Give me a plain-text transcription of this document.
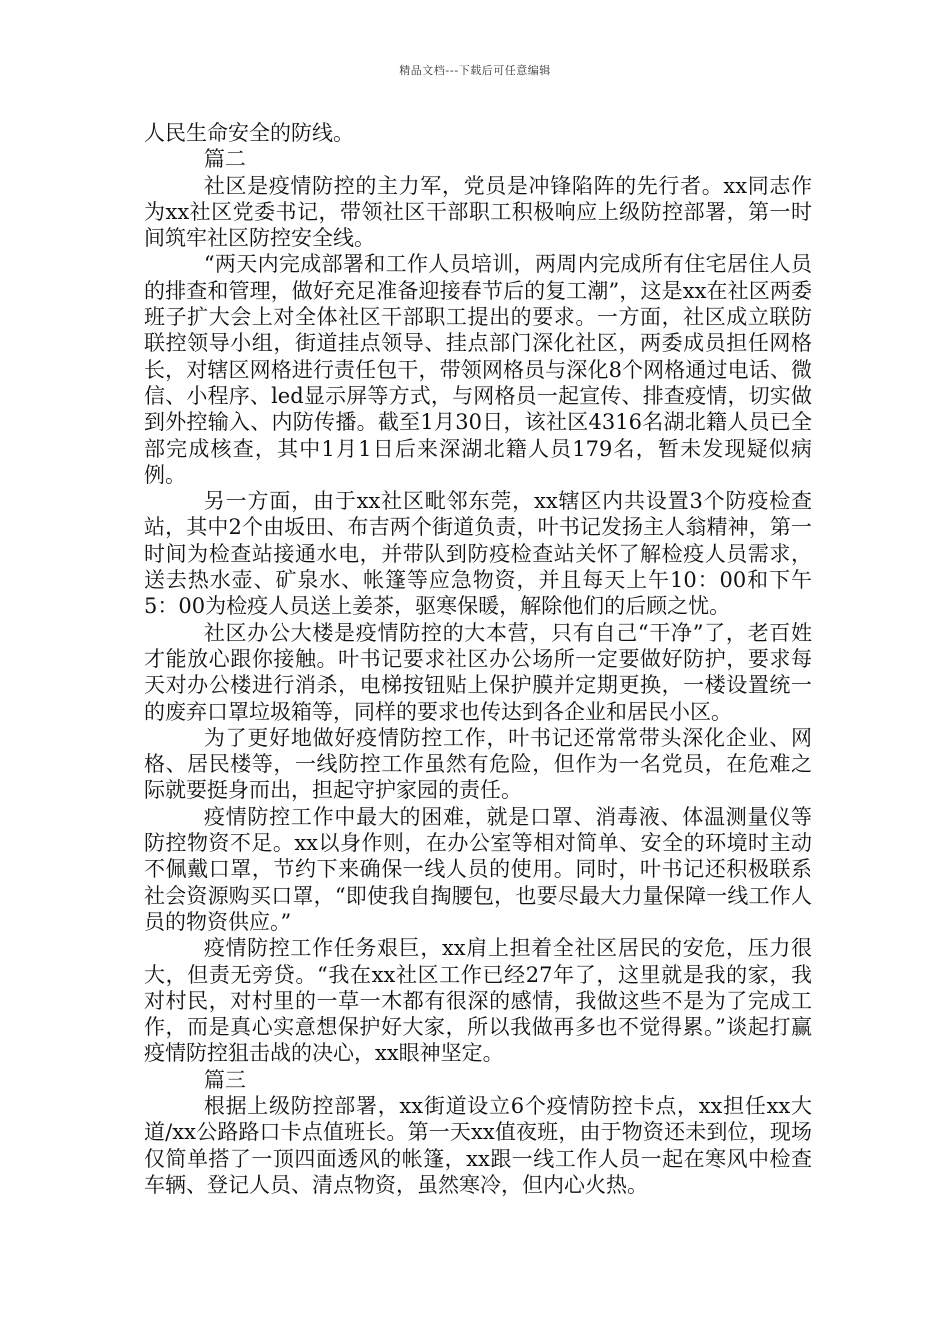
精品文档---下载后可任意编辑

人民生命安全的防线。

篇二

社区是疫情防控的主力军，党员是冲锋陷阵的先行者。xx同志作为xx社区党委书记，带领社区干部职工积极响应上级防控部署，第一时间筑牢社区防控安全线。

“两天内完成部署和工作人员培训，两周内完成所有住宅居住人员的排查和管理，做好充足准备迎接春节后的复工潮”，这是xx在社区两委班子扩大会上对全体社区干部职工提出的要求。一方面，社区成立联防联控领导小组，街道挂点领导、挂点部门深化社区，两委成员担任网格长，对辖区网格进行责任包干，带领网格员与深化8个网格通过电话、微信、小程序、led显示屏等方式，与网格员一起宣传、排查疫情，切实做到外控输入、内防传播。截至1月30日，该社区4316名湖北籍人员已全部完成核查，其中1月1日后来深湖北籍人员179名，暂未发现疑似病例。

另一方面，由于xx社区毗邻东莞，xx辖区内共设置3个防疫检查站，其中2个由坂田、布吉两个街道负责，叶书记发扬主人翁精神，第一时间为检查站接通水电，并带队到防疫检查站关怀了解检疫人员需求，送去热水壶、矿泉水、帐篷等应急物资，并且每天上午10：00和下午5：00为检疫人员送上姜茶，驱寒保暖，解除他们的后顾之忧。

社区办公大楼是疫情防控的大本营，只有自己“干净”了，老百姓才能放心跟你接触。叶书记要求社区办公场所一定要做好防护，要求每天对办公楼进行消杀，电梯按钮贴上保护膜并定期更换，一楼设置统一的废弃口罩垃圾箱等，同样的要求也传达到各企业和居民小区。

为了更好地做好疫情防控工作，叶书记还常常带头深化企业、网格、居民楼等，一线防控工作虽然有危险，但作为一名党员，在危难之际就要挺身而出，担起守护家园的责任。

疫情防控工作中最大的困难，就是口罩、消毒液、体温测量仪等防控物资不足。xx以身作则，在办公室等相对简单、安全的环境时主动不佩戴口罩，节约下来确保一线人员的使用。同时，叶书记还积极联系社会资源购买口罩，“即使我自掏腰包，也要尽最大力量保障一线工作人员的物资供应。”

疫情防控工作任务艰巨，xx肩上担着全社区居民的安危，压力很大，但责无旁贷。“我在xx社区工作已经27年了，这里就是我的家，我对村民，对村里的一草一木都有很深的感情，我做这些不是为了完成工作，而是真心实意想保护好大家，所以我做再多也不觉得累。”谈起打赢疫情防控狙击战的决心，xx眼神坚定。

篇三

根据上级防控部署，xx街道设立6个疫情防控卡点，xx担任xx大道/xx公路路口卡点值班长。第一天xx值夜班，由于物资还未到位，现场仅简单搭了一顶四面透风的帐篷，xx跟一线工作人员一起在寒风中检查车辆、登记人员、清点物资，虽然寒冷，但内心火热。
